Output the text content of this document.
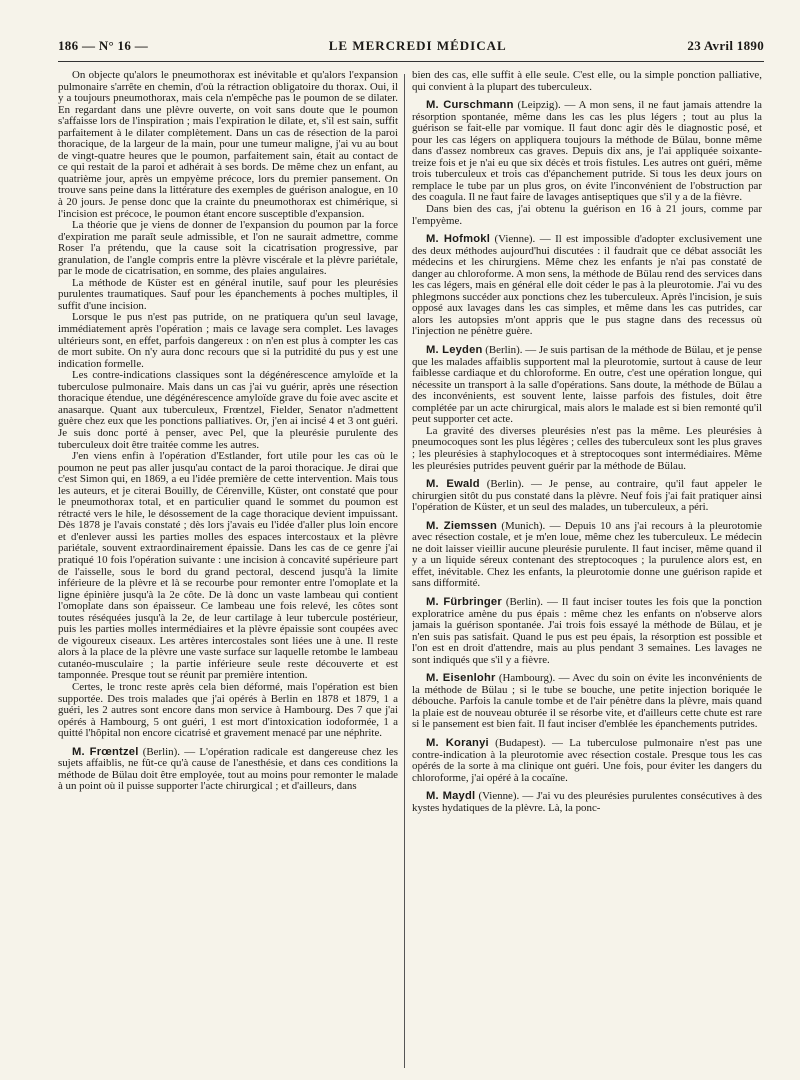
186 — N° 16 —	LE MERCREDI MÉDICAL	23 Avril 1890

On objecte qu'alors le pneumothorax est inévitable et qu'alors l'expansion pulmonaire s'arrête en chemin, d'où la rétraction obligatoire du thorax. Oui, il y a toujours pneumothorax, mais cela n'empêche pas le poumon de se dilater. En regardant dans une plèvre ouverte, on voit sans doute que le poumon s'affaisse lors de l'inspiration ; mais l'expiration le dilate, et, s'il est sain, suffit parfaitement à le dilater complètement. Dans un cas de résection de la paroi thoracique, de la largeur de la main, pour une tumeur maligne, j'ai vu au bout de vingt-quatre heures que le poumon, parfaitement sain, était au contact de ce qui restait de la paroi et adhérait à ses bords. De même chez un enfant, au quatrième jour, après un empyème précoce, lors du premier pansement. On trouve sans peine dans la littérature des exemples de guérison analogue, en 10 à 20 jours. Je pense donc que la crainte du pneumothorax est chimérique, si l'incision est précoce, le poumon étant encore susceptible d'expansion.

La théorie que je viens de donner de l'expansion du poumon par la force d'expiration me paraît seule admissible, et l'on ne saurait admettre, comme Roser l'a prétendu, que la cause soit la cicatrisation progressive, par granulation, de l'angle compris entre la plèvre viscérale et la plèvre pariétale, par le mode de cicatrisation, en somme, des plaies angulaires.

La méthode de Küster est en général inutile, sauf pour les pleurésies purulentes traumatiques. Sauf pour les épanchements à poches multiples, il suffit d'une incision.

Lorsque le pus n'est pas putride, on ne pratiquera qu'un seul lavage, immédiatement après l'opération ; mais ce lavage sera complet. Les lavages ultérieurs sont, en effet, parfois dangereux : on n'en est plus à compter les cas de mort subite. On n'y aura donc recours que si la putridité du pus y est une indication formelle.

Les contre-indications classiques sont la dégénérescence amyloïde et la tuberculose pulmonaire. Mais dans un cas j'ai vu guérir, après une résection thoracique étendue, une dégénérescence amyloïde grave du foie avec ascite et anasarque. Quant aux tuberculeux, Frœntzel, Fielder, Senator n'admettent guère chez eux que les ponctions palliatives. Or, j'en ai incisé 4 et 3 ont guéri. Je suis donc porté à penser, avec Pel, que la pleurésie purulente des tuberculeux doit être traitée comme les autres.

J'en viens enfin à l'opération d'Estlander, fort utile pour les cas où le poumon ne peut pas aller jusqu'au contact de la paroi thoracique. Je dirai que c'est Simon qui, en 1869, a eu l'idée première de cette intervention. Mais tous les auteurs, et je citerai Bouilly, de Cérenville, Küster, ont constaté que pour le pneumothorax total, et en particulier quand le sommet du poumon est rétracté vers le hile, le désossement de la cage thoracique devient impuissant. Dès 1878 je l'avais constaté ; dès lors j'avais eu l'idée d'aller plus loin encore et d'enlever aussi les parties molles des espaces intercostaux et la plèvre pariétale, souvent extraordinairement épaissie. Dans les cas de ce genre j'ai pratiqué 10 fois l'opération suivante : une incision à concavité supérieure part de l'aisselle, sous le bord du grand pectoral, descend jusqu'à la limite inférieure de la plèvre et là se recourbe pour remonter entre l'omoplate et la ligne épinière jusqu'à la 2e côte. De là donc un vaste lambeau qui contient l'omoplate dans son épaisseur. Ce lambeau une fois relevé, les côtes sont toutes réséquées jusqu'à la 2e, de leur cartilage à leur tubercule postérieur, puis les parties molles intermédiaires et la plèvre épaissie sont coupées avec de vigoureux ciseaux. Les artères intercostales sont liées une à une. Il reste alors à la place de la plèvre une vaste surface sur laquelle retombe le lambeau cutanéo-musculaire ; la partie inférieure seule reste découverte et est tamponnée. Presque tout se réunit par première intention.

Certes, le tronc reste après cela bien déformé, mais l'opération est bien supportée. Des trois malades que j'ai opérés à Berlin en 1878 et 1879, 1 a guéri, les 2 autres sont encore dans mon service à Hambourg. Des 7 que j'ai opérés à Hambourg, 5 ont guéri, 1 est mort d'intoxication iodoformée, 1 a quitté l'hôpital non encore cicatrisé et gravement menacé par une néphrite.

M. Frœntzel (Berlin). — L'opération radicale est dangereuse chez les sujets affaiblis, ne fût-ce qu'à cause de l'anesthésie, et dans ces conditions la méthode de Bülau doit être employée, tout au moins pour remonter le malade à un point où il puisse supporter l'acte chirurgical ; et d'ailleurs, dans

bien des cas, elle suffit à elle seule. C'est elle, ou la simple ponction palliative, qui convient à la plupart des tuberculeux.

M. Curschmann (Leipzig). — A mon sens, il ne faut jamais attendre la résorption spontanée, même dans les cas les plus légers ; tout au plus la guérison se fait-elle par vomique. Il faut donc agir dès le diagnostic posé, et pour les cas légers on appliquera toujours la méthode de Bülau, bonne même dans d'assez nombreux cas graves. Depuis dix ans, je l'ai appliquée soixante-treize fois et je n'ai eu que six décès et trois fistules. Les autres ont guéri, même trois tuberculeux et trois cas d'épanchement putride. Si tous les deux jours on remplace le tube par un plus gros, on évite l'inconvénient de l'obstruction par des coagula. Il ne faut faire de lavages antiseptiques que s'il y a de la fièvre.

Dans bien des cas, j'ai obtenu la guérison en 16 à 21 jours, comme par l'empyème.

M. Hofmokl (Vienne). — Il est impossible d'adopter exclusivement une des deux méthodes aujourd'hui discutées : il faudrait que ce débat associât les médecins et les chirurgiens. Même chez les enfants je n'ai pas constaté de danger au chloroforme. A mon sens, la méthode de Bülau rend des services dans les cas légers, mais en général elle doit céder le pas à la pleurotomie. J'ai vu des phlegmons succéder aux ponctions chez les tuberculeux. Après l'incision, je suis opposé aux lavages dans les cas simples, et même dans les cas putrides, car alors les autopsies m'ont appris que le pus stagne dans des recessus où l'injection ne pénètre guère.

M. Leyden (Berlin). — Je suis partisan de la méthode de Bülau, et je pense que les malades affaiblis supportent mal la pleurotomie, surtout à cause de leur faiblesse cardiaque et du chloroforme. En outre, c'est une opération longue, qui nécessite un transport à la salle d'opérations. Sans doute, la méthode de Bülau a des inconvénients, est souvent lente, laisse parfois des fistules, doit être complétée par un acte chirurgical, mais alors le malade est si bien remonté qu'il peut supporter cet acte.

La gravité des diverses pleurésies n'est pas la même. Les pleurésies à pneumocoques sont les plus légères ; celles des tuberculeux sont les plus graves ; les pleurésies à staphylocoques et à streptocoques sont intermédiaires. Même les pleurésies putrides peuvent guérir par la méthode de Bülau.

M. Ewald (Berlin). — Je pense, au contraire, qu'il faut appeler le chirurgien sitôt du pus constaté dans la plèvre. Neuf fois j'ai fait pratiquer ainsi l'opération de Küster, et un seul des malades, un tuberculeux, a péri.

M. Ziemssen (Munich). — Depuis 10 ans j'ai recours à la pleurotomie avec résection costale, et je m'en loue, même chez les tuberculeux. Le médecin ne doit laisser vieillir aucune pleurésie purulente. Il faut inciser, même quand il y a un liquide séreux contenant des streptocoques ; la purulence alors est, en effet, inévitable. Chez les enfants, la pleurotomie donne une guérison rapide et sans difformité.

M. Fürbringer (Berlin). — Il faut inciser toutes les fois que la ponction exploratrice amène du pus épais : même chez les enfants on n'observe alors jamais la guérison spontanée. J'ai trois fois essayé la méthode de Bülau, et je n'en suis pas satisfait. Quand le pus est peu épais, la résorption est possible et l'on est en droit d'attendre, mais au plus pendant 3 semaines. Les lavages ne sont indiqués que s'il y a fièvre.

M. Eisenlohr (Hambourg). — Avec du soin on évite les inconvénients de la méthode de Bülau ; si le tube se bouche, une petite injection boriquée le débouche. Parfois la canule tombe et de l'air pénètre dans la plèvre, mais quand la plaie est de nouveau obturée il se résorbe vite, et d'ailleurs cette chute est rare si le pansement est bien fait. Il faut inciser d'emblée les épanchements putrides.

M. Koranyi (Budapest). — La tuberculose pulmonaire n'est pas une contre-indication à la pleurotomie avec résection costale. Presque tous les cas opérés de la sorte à ma clinique ont guéri. Une fois, pour éviter les dangers du chloroforme, j'ai opéré à la cocaïne.

M. Maydl (Vienne). — J'ai vu des pleurésies purulentes consécutives à des kystes hydatiques de la plèvre. Là, la ponc-
